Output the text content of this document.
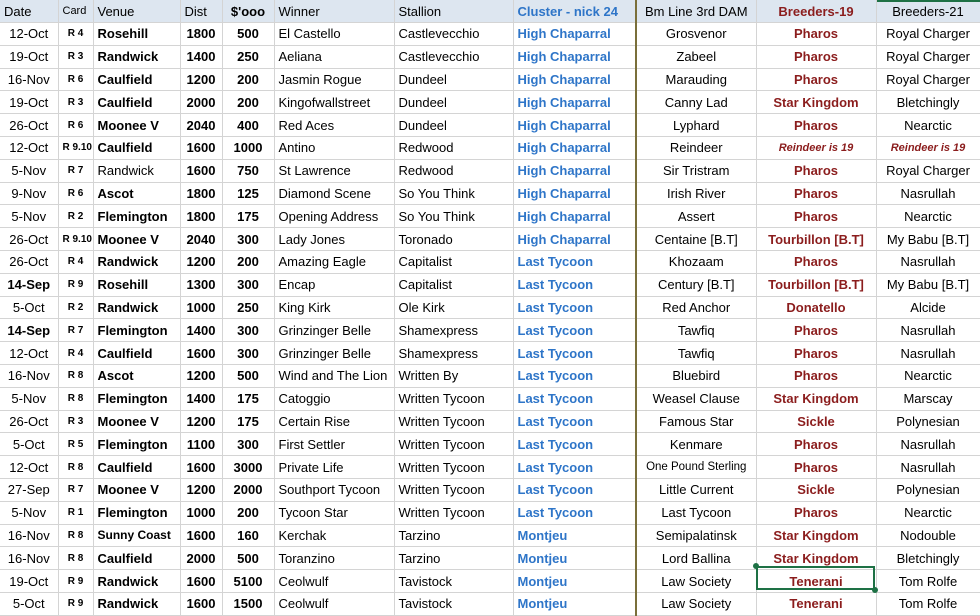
Date	Card	Venue	Dist	$'ooo	Winner	Stallion	Cluster - nick 24	Bm Line 3rd DAM	Breeders-19	Breeders-21
12-Oct	R 4	Rosehill	1800	500	El Castello	Castlevecchio	High Chaparral	Grosvenor	Pharos	Royal Charger
19-Oct	R 3	Randwick	1400	250	Aeliana	Castlevecchio	High Chaparral	Zabeel	Pharos	Royal Charger
16-Nov	R 6	Caulfield	1200	200	Jasmin Rogue	Dundeel	High Chaparral	Marauding	Pharos	Royal Charger
19-Oct	R 3	Caulfield	2000	200	Kingofwallstreet	Dundeel	High Chaparral	Canny Lad	Star Kingdom	Bletchingly
26-Oct	R 6	Moonee V	2040	400	Red Aces	Dundeel	High Chaparral	Lyphard	Pharos	Nearctic
12-Oct	R 9.10	Caulfield	1600	1000	Antino	Redwood	High Chaparral	Reindeer	Reindeer is 19	Reindeer is 19
5-Nov	R 7	Randwick	1600	750	St Lawrence	Redwood	High Chaparral	Sir Tristram	Pharos	Royal Charger
9-Nov	R 6	Ascot	1800	125	Diamond Scene	So You Think	High Chaparral	Irish River	Pharos	Nasrullah
5-Nov	R 2	Flemington	1800	175	Opening Address	So You Think	High Chaparral	Assert	Pharos	Nearctic
26-Oct	R 9.10	Moonee V	2040	300	Lady Jones	Toronado	High Chaparral	Centaine [B.T]	Tourbillon [B.T]	My Babu [B.T]
26-Oct	R 4	Randwick	1200	200	Amazing Eagle	Capitalist	Last Tycoon	Khozaam	Pharos	Nasrullah
14-Sep	R 9	Rosehill	1300	300	Encap	Capitalist	Last Tycoon	Century [B.T]	Tourbillon [B.T]	My Babu [B.T]
5-Oct	R 2	Randwick	1000	250	King Kirk	Ole Kirk	Last Tycoon	Red Anchor	Donatello	Alcide
14-Sep	R 7	Flemington	1400	300	Grinzinger Belle	Shamexpress	Last Tycoon	Tawfiq	Pharos	Nasrullah
12-Oct	R 4	Caulfield	1600	300	Grinzinger Belle	Shamexpress	Last Tycoon	Tawfiq	Pharos	Nasrullah
16-Nov	R 8	Ascot	1200	500	Wind and The Lion	Written By	Last Tycoon	Bluebird	Pharos	Nearctic
5-Nov	R 8	Flemington	1400	175	Catoggio	Written Tycoon	Last Tycoon	Weasel Clause	Star Kingdom	Marscay
26-Oct	R 3	Moonee V	1200	175	Certain Rise	Written Tycoon	Last Tycoon	Famous Star	Sickle	Polynesian
5-Oct	R 5	Flemington	1100	300	First Settler	Written Tycoon	Last Tycoon	Kenmare	Pharos	Nasrullah
12-Oct	R 8	Caulfield	1600	3000	Private Life	Written Tycoon	Last Tycoon	One Pound Sterling	Pharos	Nasrullah
27-Sep	R 7	Moonee V	1200	2000	Southport Tycoon	Written Tycoon	Last Tycoon	Little Current	Sickle	Polynesian
5-Nov	R 1	Flemington	1000	200	Tycoon Star	Written Tycoon	Last Tycoon	Last Tycoon	Pharos	Nearctic
16-Nov	R 8	Sunny Coast	1600	160	Kerchak	Tarzino	Montjeu	Semipalatinsk	Star Kingdom	Nodouble
16-Nov	R 8	Caulfield	2000	500	Toranzino	Tarzino	Montjeu	Lord Ballina	Star Kingdom	Bletchingly
19-Oct	R 9	Randwick	1600	5100	Ceolwulf	Tavistock	Montjeu	Law Society	Tenerani	Tom Rolfe
5-Oct	R 9	Randwick	1600	1500	Ceolwulf	Tavistock	Montjeu	Law Society	Tenerani	Tom Rolfe
